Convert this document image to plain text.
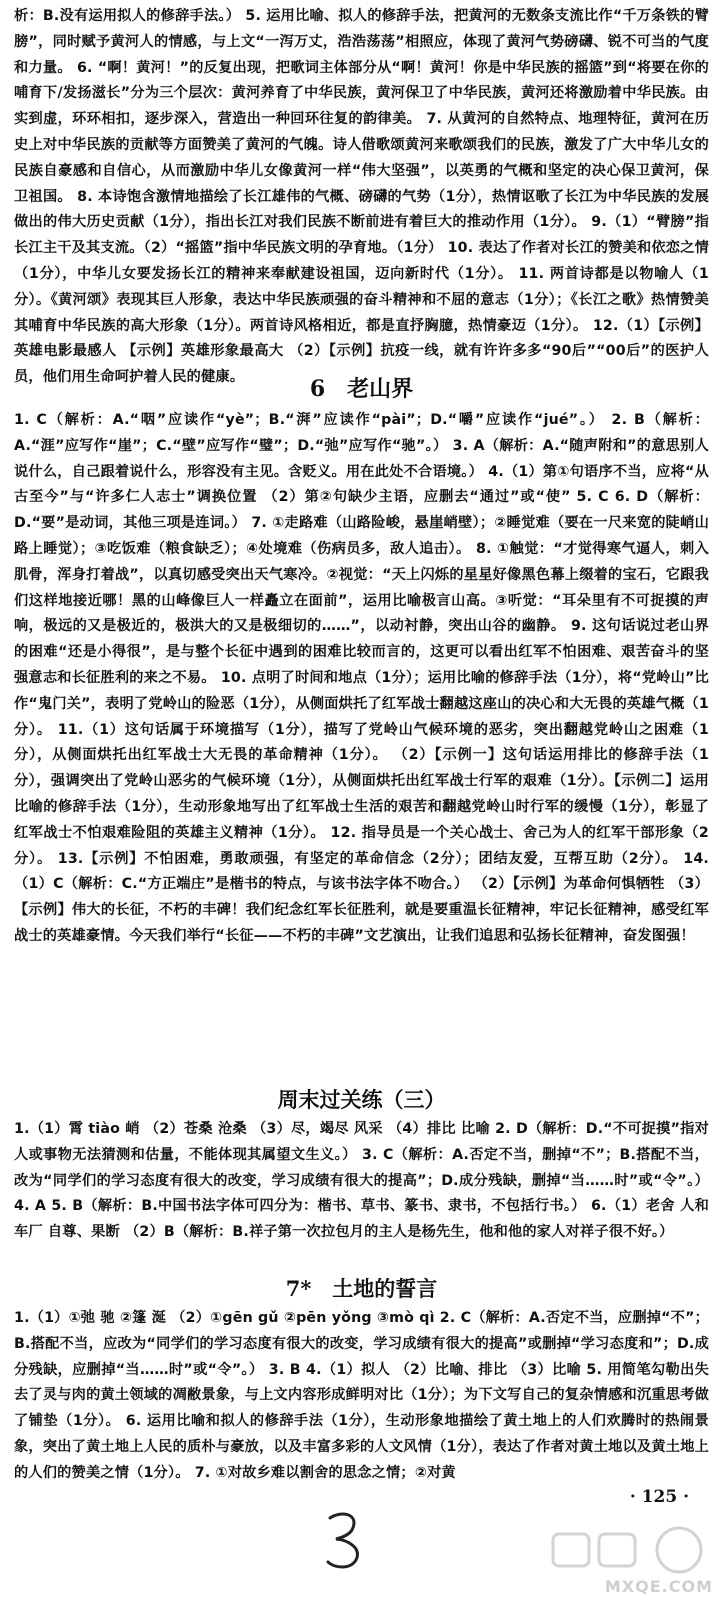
析：B.没有运用拟人的修辞手法。） 5. 运用比喻、拟人的修辞手法，把黄河的无数条支流比作“千万条铁的臂膀”，同时赋予黄河人的情感，与上文“一泻万丈，浩浩荡荡”相照应，体现了黄河气势磅礴、锐不可当的气度和力量。 6. “啊！黄河！”的反复出现，把歌词主体部分从“啊！黄河！你是中华民族的摇篮”到“将要在你的哺育下/发扬滋长”分为三个层次：黄河养育了中华民族，黄河保卫了中华民族，黄河还将激励着中华民族。由实到虚，环环相扣，逐步深入，营造出一种回环往复的韵律美。 7. 从黄河的自然特点、地理特征，黄河在历史上对中华民族的贡献等方面赞美了黄河的气魄。诗人借歌颂黄河来歌颂我们的民族，激发了广大中华儿女的民族自豪感和自信心，从而激励中华儿女像黄河一样“伟大坚强”，以英勇的气概和坚定的决心保卫黄河，保卫祖国。 8. 本诗饱含激情地描绘了长江雄伟的气概、磅礴的气势（1分），热情讴歌了长江为中华民族的发展做出的伟大历史贡献（1分），指出长江对我们民族不断前进有着巨大的推动作用（1分）。 9.（1）“臂膀”指长江主干及其支流。（2）“摇篮”指中华民族文明的孕育地。（1分） 10. 表达了作者对长江的赞美和依恋之情（1分），中华儿女要发扬长江的精神来奉献建设祖国，迈向新时代（1分）。 11. 两首诗都是以物喻人（1分）。《黄河颂》表现其巨人形象，表达中华民族顽强的奋斗精神和不屈的意志（1分）；《长江之歌》热情赞美其哺育中华民族的高大形象（1分）。两首诗风格相近，都是直抒胸臆，热情豪迈（1分）。 12.（1）【示例】英雄电影最感人 【示例】英雄形象最高大 （2）【示例】抗疫一线，就有许许多多“90后”“00后”的医护人员，他们用生命呵护着人民的健康。	6　老山界

1. C（解析：A.“咽”应读作“yè”；B.“湃”应读作“pài”；D.“嚼”应读作“jué”。） 2. B（解析：A.“涯”应写作“崖”；C.“壁”应写作“璧”；D.“弛”应写作“驰”。） 3. A（解析：A.“随声附和”的意思别人说什么，自己跟着说什么，形容没有主见。含贬义。用在此处不合语境。） 4.（1）第①句语序不当，应将“从古至今”与“许多仁人志士”调换位置 （2）第②句缺少主语，应删去“通过”或“使” 5. C 6. D（解析：D.“要”是动词，其他三项是连词。） 7. ①走路难（山路险峻，悬崖峭壁）；②睡觉难（要在一尺来宽的陡峭山路上睡觉）；③吃饭难（粮食缺乏）；④处境难（伤病员多，敌人追击）。 8. ①触觉：“才觉得寒气逼人，刺入肌骨，浑身打着战”，以真切感受突出天气寒冷。②视觉：“天上闪烁的星星好像黑色幕上缀着的宝石，它跟我们这样地接近哪！黑的山峰像巨人一样矗立在面前”，运用比喻极言山高。③听觉：“耳朵里有不可捉摸的声响，极远的又是极近的，极洪大的又是极细切的……”，以动衬静，突出山谷的幽静。 9. 这句话说过老山界的困难“还是小得很”，是与整个长征中遇到的困难比较而言的，这更可以看出红军不怕困难、艰苦奋斗的坚强意志和长征胜利的来之不易。 10. 点明了时间和地点（1分）；运用比喻的修辞手法（1分），将“党岭山”比作“鬼门关”，表明了党岭山的险恶（1分），从侧面烘托了红军战士翻越这座山的决心和大无畏的英雄气概（1分）。 11.（1）这句话属于环境描写（1分），描写了党岭山气候环境的恶劣，突出翻越党岭山之困难（1分），从侧面烘托出红军战士大无畏的革命精神（1分）。 （2）【示例一】这句话运用排比的修辞手法（1分），强调突出了党岭山恶劣的气候环境（1分），从侧面烘托出红军战士行军的艰难（1分）。【示例二】运用比喻的修辞手法（1分），生动形象地写出了红军战士生活的艰苦和翻越党岭山时行军的缓慢（1分），彰显了红军战士不怕艰难险阻的英雄主义精神（1分）。 12. 指导员是一个关心战士、舍己为人的红军干部形象（2分）。 13.【示例】不怕困难，勇敢顽强，有坚定的革命信念（2分）；团结友爱，互帮互助（2分）。 14.（1）C（解析：C.“方正端庄”是楷书的特点，与该书法字体不吻合。） （2）【示例】为革命何惧牺牲 （3）【示例】伟大的长征，不朽的丰碑！我们纪念红军长征胜利，就是要重温长征精神，牢记长征精神，感受红军战士的英雄豪情。今天我们举行“长征——不朽的丰碑”文艺演出，让我们追思和弘扬长征精神，奋发图强！

周末过关练（三）

1.（1）霄 tiào 峭 （2）苍桑 沧桑 （3）尽，竭尽 风采 （4）排比 比喻 2. D（解析：D.“不可捉摸”指对人或事物无法猜测和估量，不能体现其属望文生义。） 3. C（解析：A.否定不当，删掉“不”；B.搭配不当，改为“同学们的学习态度有很大的改变，学习成绩有很大的提高”；D.成分残缺，删掉“当……时”或“令”。） 4. A 5. B（解析：B.中国书法字体可四分为：楷书、草书、篆书、隶书，不包括行书。） 6.（1）老舍 人和车厂 自尊、果断 （2）B（解析：B.祥子第一次拉包月的主人是杨先生，他和他的家人对祥子很不好。）

7*　土地的誓言

1.（1）①弛 驰 ②篷 涎 （2）①gēn gǔ ②pēn yǒng ③mò qì 2. C（解析：A.否定不当，应删掉“不”；B.搭配不当，应改为“同学们的学习态度有很大的改变，学习成绩有很大的提高”或删掉“学习态度和”；D.成分残缺，应删掉“当……时”或“令”。） 3. B 4.（1）拟人 （2）比喻、排比 （3）比喻 5. 用简笔勾勒出失去了灵与肉的黄土领域的凋敝景象，与上文内容形成鲜明对比（1分）；为下文写自己的复杂情感和沉重思考做了铺垫（1分）。 6. 运用比喻和拟人的修辞手法（1分），生动形象地描绘了黄土地上的人们欢腾时的热闹景象，突出了黄土地上人民的质朴与豪放，以及丰富多彩的人文风情（1分），表达了作者对黄土地以及黄土地上的人们的赞美之情（1分）。 7. ①对故乡难以割舍的思念之情；②对黄

· 125 ·
MXQE.COM
